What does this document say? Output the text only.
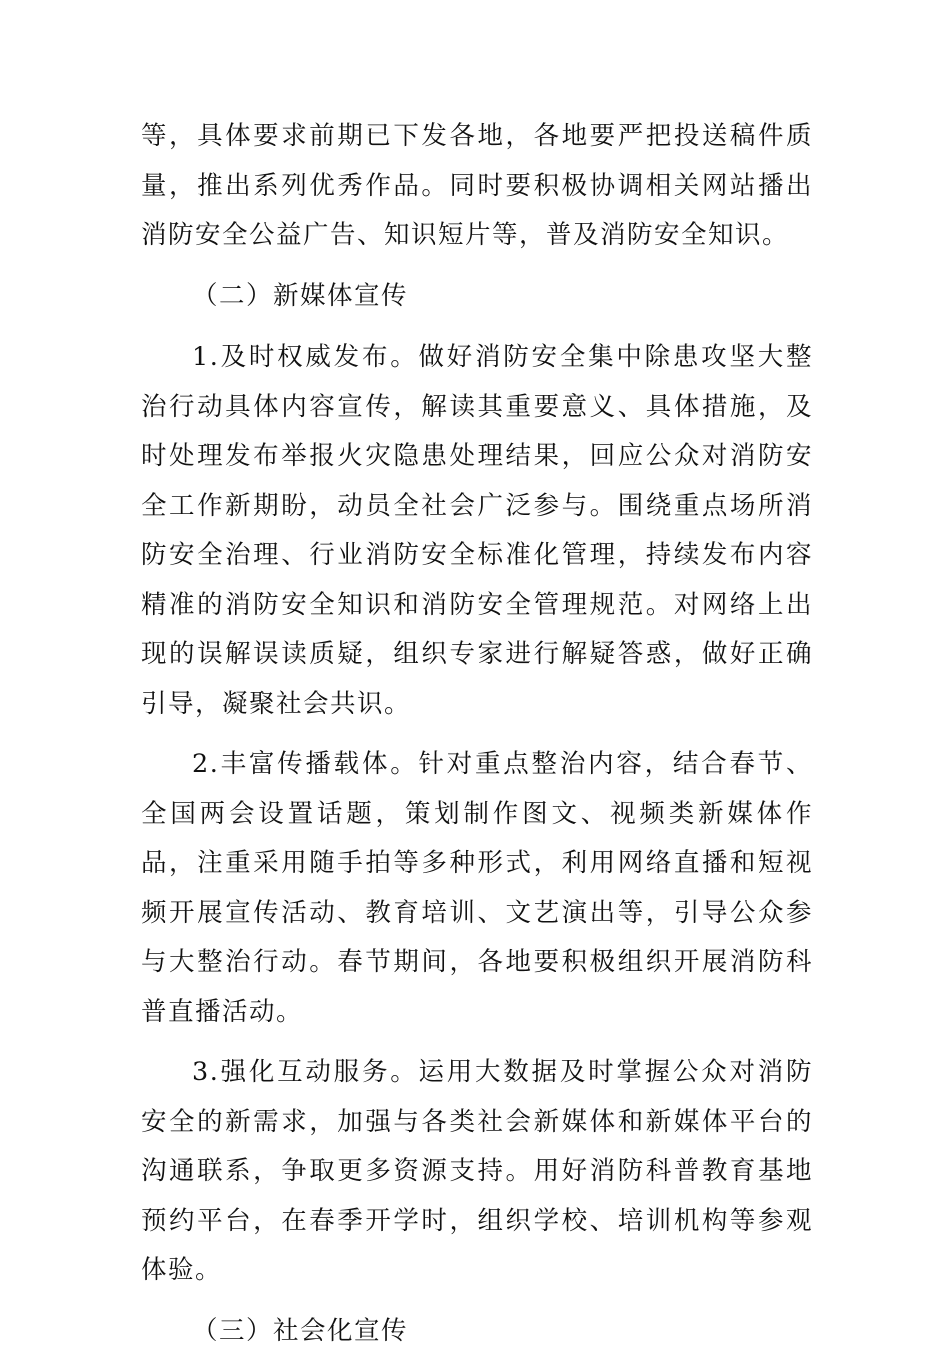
等，具体要求前期已下发各地，各地要严把投送稿件质量，推出系列优秀作品。同时要积极协调相关网站播出消防安全公益广告、知识短片等，普及消防安全知识。

（二）新媒体宣传

1.及时权威发布。做好消防安全集中除患攻坚大整治行动具体内容宣传，解读其重要意义、具体措施，及时处理发布举报火灾隐患处理结果，回应公众对消防安全工作新期盼，动员全社会广泛参与。围绕重点场所消防安全治理、行业消防安全标准化管理，持续发布内容精准的消防安全知识和消防安全管理规范。对网络上出现的误解误读质疑，组织专家进行解疑答惑，做好正确引导，凝聚社会共识。

2.丰富传播载体。针对重点整治内容，结合春节、全国两会设置话题，策划制作图文、视频类新媒体作品，注重采用随手拍等多种形式，利用网络直播和短视频开展宣传活动、教育培训、文艺演出等，引导公众参与大整治行动。春节期间，各地要积极组织开展消防科普直播活动。

3.强化互动服务。运用大数据及时掌握公众对消防安全的新需求，加强与各类社会新媒体和新媒体平台的沟通联系，争取更多资源支持。用好消防科普教育基地预约平台，在春季开学时，组织学校、培训机构等参观体验。

（三）社会化宣传
